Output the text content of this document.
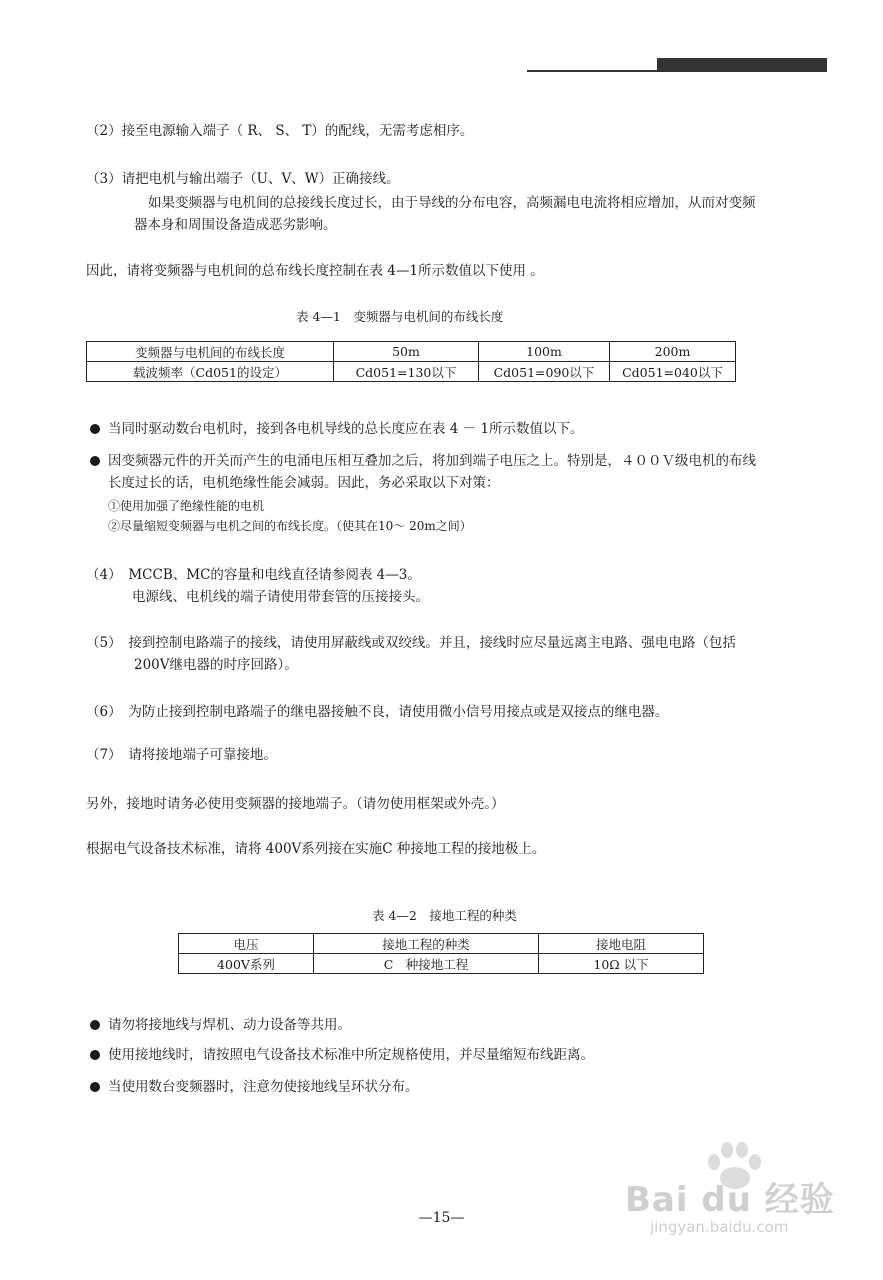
（2）接至电源输入端子（ R、 S、 T）的配线，无需考虑相序。
（3）请把电机与输出端子（U、V、W）正确接线。
如果变频器与电机间的总接线长度过长，由于导线的分布电容，高频漏电电流将相应增加，从而对变频
器本身和周围设备造成恶劣影响。
因此，请将变频器与电机间的总布线长度控制在表 4—1所示数值以下使用 。
表 4—1　变频器与电机间的布线长度
变频器与电机间的布线长度	50m	100m	200m
载波频率（Cd051的设定）	Cd051=130以下	Cd051=090以下	Cd051=040以下
当同时驱动数台电机时，接到各电机导线的总长度应在表 4 － 1所示数值以下。
因变频器元件的开关而产生的电涌电压相互叠加之后，将加到端子电压之上。特别是，４００Ｖ级电机的布线
长度过长的话，电机绝缘性能会减弱。因此，务必采取以下对策：
①使用加强了绝缘性能的电机
②尽量缩短变频器与电机之间的布线长度。（使其在10～ 20m之间）
（4）　MCCB、MC的容量和电线直径请参阅表 4—3。
电源线、电机线的端子请使用带套管的压接接头。
（5）　接到控制电路端子的接线，请使用屏蔽线或双绞线。并且，接线时应尽量远离主电路、强电电路（包括
200V继电器的时序回路）。
（6）　为防止接到控制电路端子的继电器接触不良，请使用微小信号用接点或是双接点的继电器。
（7）　请将接地端子可靠接地。
另外，接地时请务必使用变频器的接地端子。（请勿使用框架或外壳。）
根据电气设备技术标准，请将 400V系列接在实施C 种接地工程的接地极上。
表 4—2　接地工程的种类
电压	接地工程的种类	接地电阻
400V系列	C　种接地工程	10Ω 以下
请勿将接地线与焊机、动力设备等共用。
使用接地线时，请按照电气设备技术标准中所定规格使用，并尽量缩短布线距离。
当使用数台变频器时，注意勿使接地线呈环状分布。
Bai du 经验
jingyan.baidu.com
—15—
